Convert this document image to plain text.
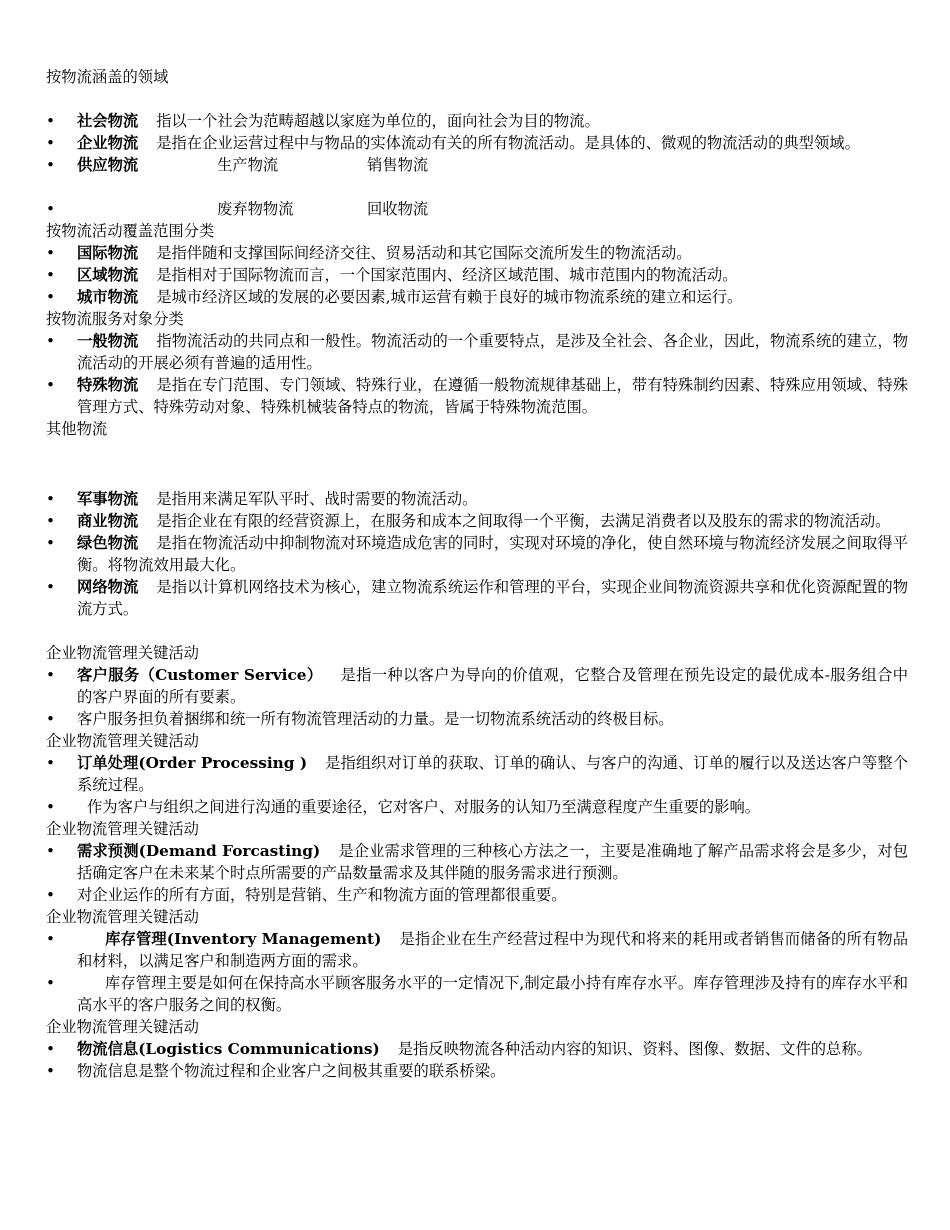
按物流涵盖的领域
• 社会物流 指以一个社会为范畴超越以家庭为单位的，面向社会为目的物流。
•	企业物流 是指在企业运营过程中与物品的实体流动有关的所有物流活动。是具体的、微观的物流活动的典型领域。
• 供应物流	生产物流	销售物流
•	废弃物物流	回收物流
按物流活动覆盖范围分类
• 国际物流 是指伴随和支撑国际间经济交往、贸易活动和其它国际交流所发生的物流活动。
• 区域物流 是指相对于国际物流而言，一个国家范围内、经济区域范围、城市范围内的物流活动。
• 城市物流 是城市经济区域的发展的必要因素,城市运营有赖于良好的城市物流系统的建立和运行。
按物流服务对象分类
•	一般物流 指物流活动的共同点和一般性。物流活动的一个重要特点，是涉及全社会、各企业，因此，物流系统的建立，物流活动的开展必须有普遍的适用性。
•	特殊物流 是指在专门范围、专门领域、特殊行业，在遵循一般物流规律基础上，带有特殊制约因素、特殊应用领域、特殊管理方式、特殊劳动对象、特殊机械装备特点的物流，皆属于特殊物流范围。
其他物流
• 军事物流 是指用来满足军队平时、战时需要的物流活动。
•	商业物流 是指企业在有限的经营资源上，在服务和成本之间取得一个平衡，去满足消费者以及股东的需求的物流活动。
•	绿色物流 是指在物流活动中抑制物流对环境造成危害的同时，实现对环境的净化，使自然环境与物流经济发展之间取得平衡。将物流效用最大化。
•	网络物流 是指以计算机网络技术为核心，建立物流系统运作和管理的平台，实现企业间物流资源共享和优化资源配置的物流方式。
企业物流管理关键活动
•	客户服务（Customer Service） 是指一种以客户为导向的价值观，它整合及管理在预先设定的最优成本-服务组合中的客户界面的所有要素。
• 客户服务担负着捆绑和统一所有物流管理活动的力量。是一切物流系统活动的终极目标。
企业物流管理关键活动
•	订单处理(Order Processing ) 是指组织对订单的获取、订单的确认、与客户的沟通、订单的履行以及送达客户等整个系统过程。
• 作为客户与组织之间进行沟通的重要途径，它对客户、对服务的认知乃至满意程度产生重要的影响。
企业物流管理关键活动
•	需求预测(Demand Forcasting) 是企业需求管理的三种核心方法之一，主要是准确地了解产品需求将会是多少，对包括确定客户在未来某个时点所需要的产品数量需求及其伴随的服务需求进行预测。
• 对企业运作的所有方面，特别是营销、生产和物流方面的管理都很重要。
企业物流管理关键活动
•	库存管理(Inventory Management) 是指企业在生产经营过程中为现代和将来的耗用或者销售而储备的所有物品和材料，以满足客户和制造两方面的需求。
•	库存管理主要是如何在保持高水平顾客服务水平的一定情况下,制定最小持有库存水平。库存管理涉及持有的库存水平和高水平的客户服务之间的权衡。
企业物流管理关键活动
•	物流信息(Logistics Communications) 是指反映物流各种活动内容的知识、资料、图像、数据、文件的总称。
• 物流信息是整个物流过程和企业客户之间极其重要的联系桥梁。
